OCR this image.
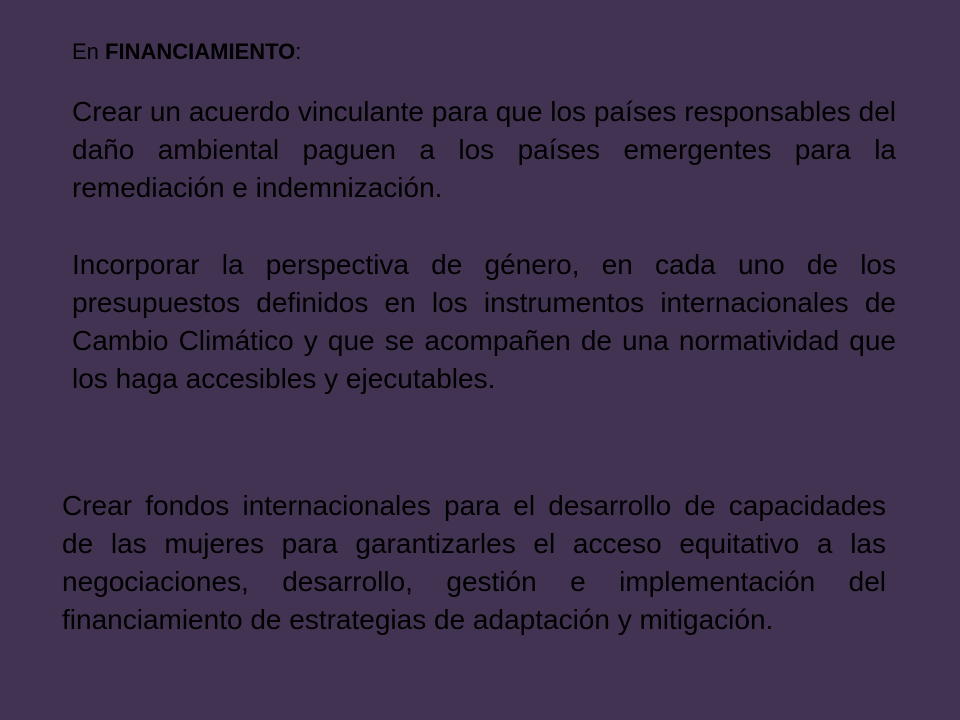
En FINANCIAMIENTO:

Crear un acuerdo vinculante para que los países responsables del daño ambiental paguen a los países emergentes para la remediación e indemnización.

Incorporar la perspectiva de género, en cada uno de los presupuestos definidos en los instrumentos internacionales de Cambio Climático y que se acompañen de una normatividad que los haga accesibles y ejecutables.

Crear fondos internacionales para el desarrollo de capacidades de las mujeres para garantizarles el acceso equitativo a las negociaciones, desarrollo, gestión e implementación del financiamiento de estrategias de adaptación y mitigación.
